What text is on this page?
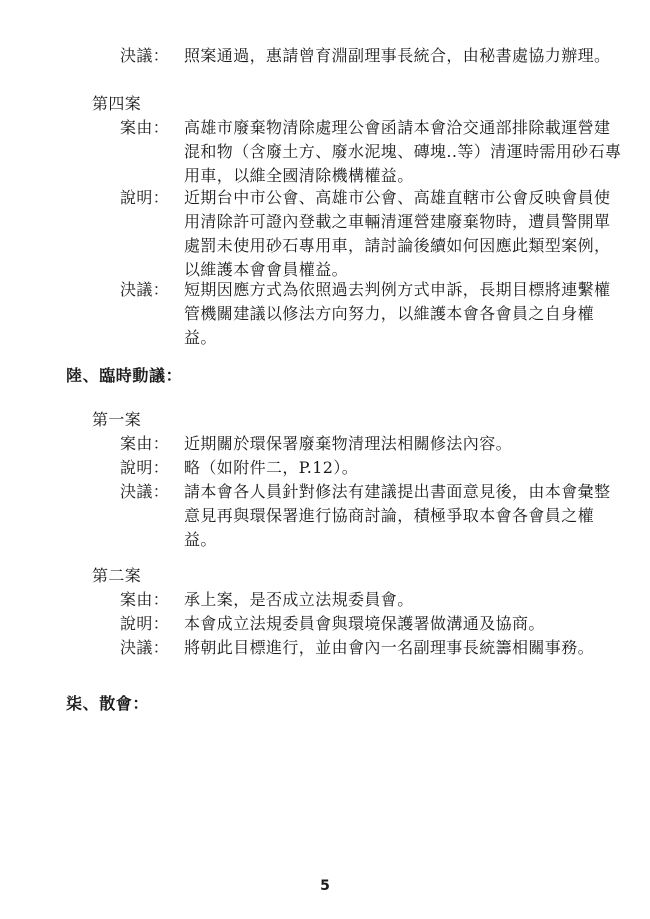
決議： 照案通過，惠請曾育淵副理事長統合，由秘書處協力辦理。
第四案
案由： 高雄市廢棄物清除處理公會函請本會洽交通部排除載運營建混和物（含廢土方、廢水泥塊、磚塊..等）清運時需用砂石專用車，以維全國清除機構權益。
說明： 近期台中市公會、高雄市公會、高雄直轄市公會反映會員使用清除許可證內登載之車輛清運營建廢棄物時，遭員警開單處罰未使用砂石專用車，請討論後續如何因應此類型案例，以維護本會會員權益。
決議： 短期因應方式為依照過去判例方式申訴，長期目標將連繫權管機關建議以修法方向努力，以維護本會各會員之自身權益。
陸、臨時動議：
第一案
案由： 近期關於環保署廢棄物清理法相關修法內容。
說明： 略（如附件二，P.12）。
決議： 請本會各人員針對修法有建議提出書面意見後，由本會彙整意見再與環保署進行協商討論，積極爭取本會各會員之權益。
第二案
案由： 承上案，是否成立法規委員會。
說明： 本會成立法規委員會與環境保護署做溝通及協商。
決議： 將朝此目標進行，並由會內一名副理事長統籌相關事務。
柒、散會：
5
